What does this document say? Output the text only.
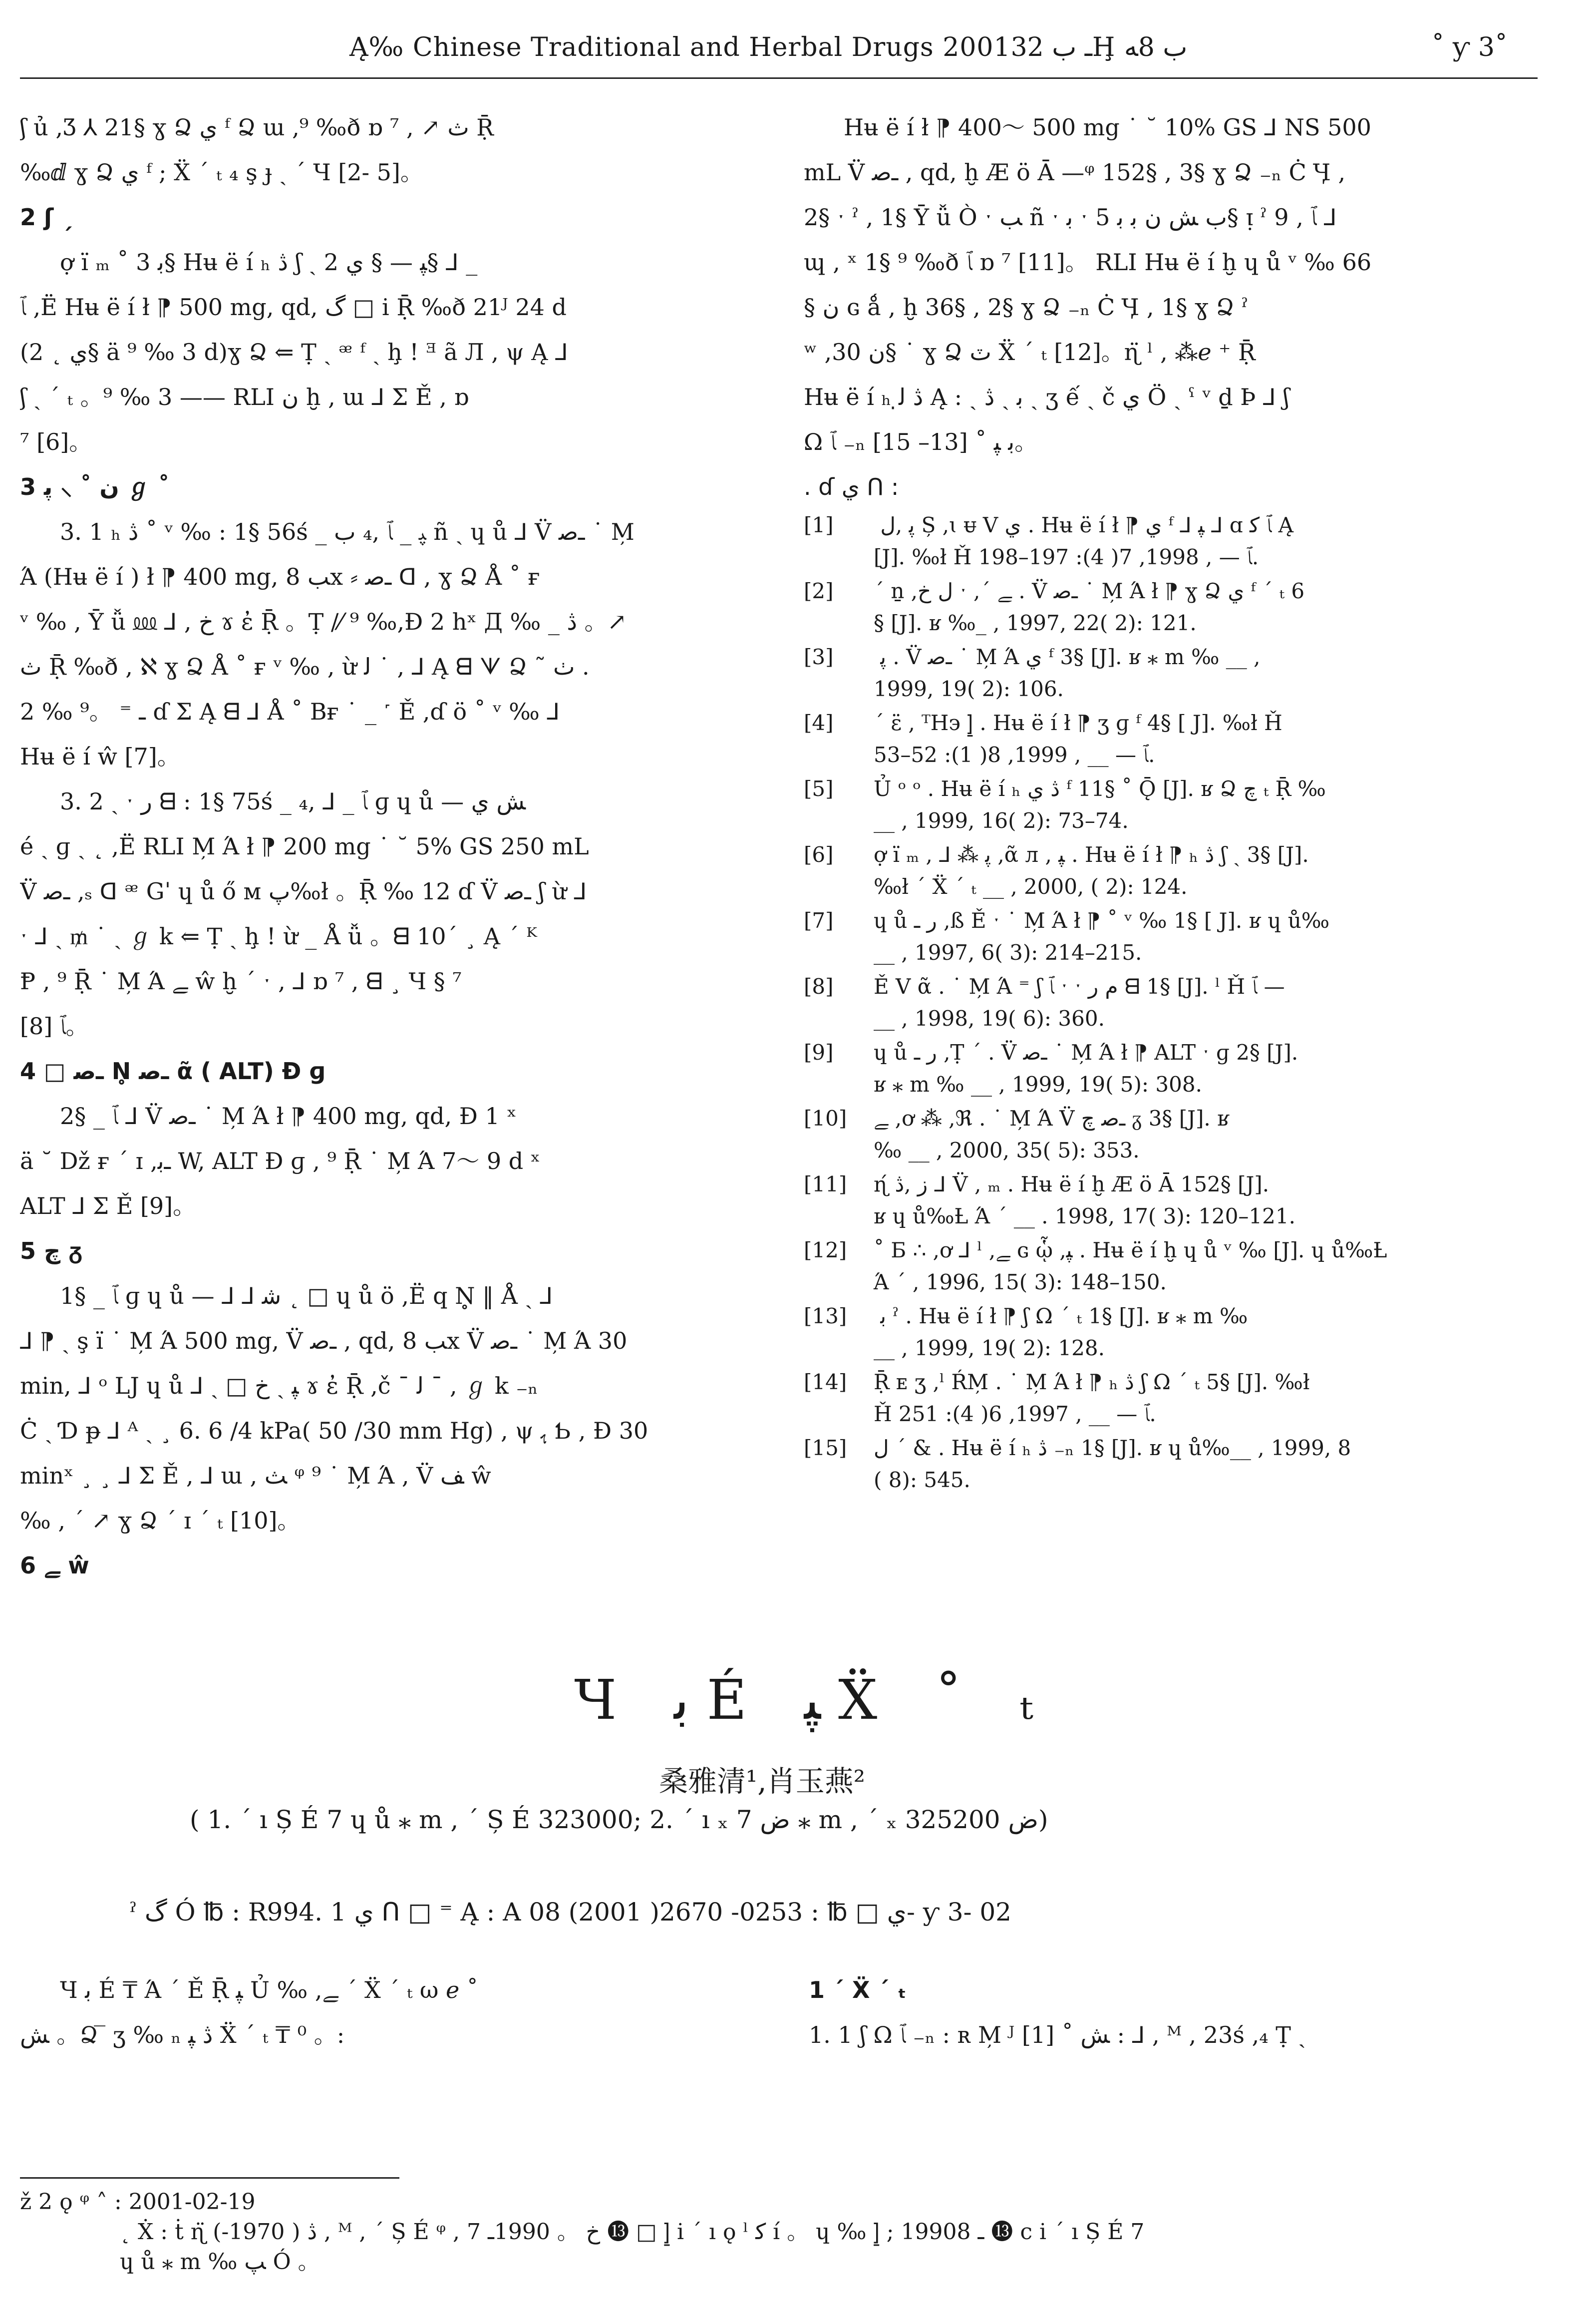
Ą‰ Chinese Traditional and Herbal Drugs 2001ـ ب 32Ḩ ب 8ﻪ	˚ ƴ 3˚
ʃ ủ ,Ʒ ⅄ 21§ ɣ Ձ ي ᶠ Ձ ɯ ,⁹ ‰ð ɒ ⁷ , ↗ ث Ṝ
‰ⅆ ɣ Ձ ي ᶠ ; Ẍ ´ ₜ ₄ ş ɟ ˏ ´ Ч [2- 5]。
2 ʃ ˏ
ợ ї ₘ ˚ ﺑ 3§ Hʉ ë í ₕ ڎ ʃ ˏ ﭙ — § ي 2§ ⅃ _
ﭑ ,Ë Hʉ ë í ł ⁋ 500 mg, qd, ﮒ □ i Ṝ ‰ð 21ᴶ 24 d
(ي ˛ 2§ ä ⁹ ‰ 3 d)ɣ Ձ ⇐ Ṭ ˏ ᵆ ᶠ ˏ ḩ ! ᴲ ã Л , ψ Ą ⅃
ʃ ˏ ´ ₜ 。⁹ ‰ 3 —— RLI ن ḫ , ɯ ⅃ Σ Ě , ɒ
⁷ [6]。
3 ن ˚ ⸝ ﭘ ℊ ˚
3. 1 ₕ ڎ ˚ ᵛ ‰ : 1§ 56ś _ ﭙ _ ﭑ ,₄ ب ñ ˏ ɥ ů ⅃ V̈ ـﺻ ˙ M̦
Ά (Hʉ ë í ) ł ⁋ 400 mg, ﺐ 8x ⸗ ـﺻ ᗡ , ɣ Ձ Å ˚ ғ
ᵛ ‰ , Ȳ ǚ ⅏ ⅃ , ﺥ ɤ ἐ Ṝ 。Ṭ /⁄ ⁹ ‰,Ɖ 2 hˣ Д ‰ _ ڎ 。↗
ث Ṝ ‰ð , ℵ ɣ Ձ Å ˚ ғ ᵛ ‰ , ừ ﻟ ˙ , ⅃ Ą ᗺ ᗐ Ձ ˜ ٺ .
ـ ⁼ 。⁹ ‰ 2 ɗ Σ Ą ᗺ ⅃ Å ˚ Bғ ˙ _ ˹ Ě ,ɗ ö ˚ ᵛ ‰ ⅃
Hʉ ë í ŵ [7]。
3. 2 ˏ ˑ ﺭ ᗺ : 1§ 75ś _ ﭑ _ ⅃ ,₄ ɡ ɥ ů — ﺶ ي
é ˏ ɡ ˏ ˛ ,Ë RLI M̦ Ά ł ⁋ 200 mg ˙ ˘ 5% GS 250 mL
V̈ ـﺻ ,ₛ ᗡ ᵆ Gˈ ɥ ů ő ᴍ ﭖ‰ł 。Ṝ ‰ 12 ɗ V̈ ـﺻ ʃ ừ ⅃
ˑ ⅃ ˏ ₥ ˙ ˏ ℊ k ⇐ Ṭ ˏ ḩ ! ừ _ Å ǚ 。ᗺ 10ˊ ¸ Ą ˊ ᴷ
Ᵽ , ⁹ Ṝ ˙ M̦ Ά ﮯ ŵ ḫ ´ ˑ , ⅃ ɒ ⁷ , ᗺ ¸ Ɥ § ⁷
ﭑ [8]。
4 □ ـﺻ N̥ ـﺻ ᾶ ( ALT) Ɖ ɡ
2§ _ ﭑ ⅃ V̈ ـﺻ ˙ M̦ Ά ł ⁋ 400 mg, qd, Ɖ 1 ˣ
ä ˘ Dž ғ ˊ ɪ ,ـﺑ W, ALT Ɖ ɡ , ⁹ Ṝ ˙ M̦ Ά 7～ 9 d ˣ
ALT ⅃ Σ Ě [9]。
5 ﭺ ᵹ
1§ _ ﭑ ɡ ɥ ů — ⅃ ⅃ ﺷ ˛ □ ɥ ů ö ,Ë q N̥ ‖ Å ˏ ⅃
⅃ ⁋ ˏ ş ї ˙ M̦ Ά 500 mg, V̈ ـﺻ , qd, ﺐ 8x V̈ ـﺻ ˙ M̦ Ά 30
min, ⅃ ᵒ LJ ɥ ů ⅃ ˏ □ ﭙ ˏ ﺥ ɤ ἐ Ṝ ,č ¯ ﻟ ¯ , ℊ k ₋ₙ
Ċ ˏ Ɗ ᵽ ⅃ ᴬ ˏ ¸ 6. 6 /4 kPa( 50 /30 mm Hg) , ψ ﮨ Ƅ , Ɖ 30
minˣ ¸ ¸ ⅃ Σ Ě , ⅃ ɯ , ﺚ ᵠ ⁹ ˙ M̦ Ά , V̈ ﻒ ŵ
‰ , ´ ↗ ɣ Ձ ˊ ɪ ˊ ₜ [10]。
6 ﮯ ŵ
Hʉ ë í ł ⁋ 400～ 500 mg ˙ ˘ 10% GS ⅃ NS 500
mL V̈ ـﺻ , qd, ḫ Æ ö Ā —ᵠ 152§ , 3§ ɣ Ձ ₋ₙ Ċ Ӌ ,
2§ ˑ ˀ , 1§ Ȳ ǚ Ò ˑ ﺐ ñ ˑ ﺑ ˑ ب ﺶ ﻥ ﺑ ﺑ 5§ ᴉ ˀ 9 , ﭑ ⅃
ɰ , ˣ 1§ ⁹ ‰ð ﭑ ɒ ⁷ [11]。 RLI Hʉ ë í ḫ ɥ ů ᵛ ‰ 66
§ ﻥ ɢ ǻ , ḫ 36§ , 2§ ɣ Ձ ₋ₙ Ċ Ӌ , 1§ ɣ Ձ ˀ
ʷ ,ﻥ 30§ ˙ ɣ Ձ ٽ Ẍ ˊ ₜ [12]。ɳ̈ ˡ , ⁂ℯ ⁺ Ṝ
Hʉ ë í ₕ ڎ ﻟ̣ Ą : ˏ ﺑ ˏ ڎ ˏ ʒ ế ˏ č ي Ö ˏ ˤ ᵛ ḏ Þ ⅃ ʃ
Ω ﭑ ₋ₙ ﺑ ﭙ ˚ [13– 15]。
. ɗ ي ᑎ :
[1] ﭘ ,ﻝ Ș ,ɩ ᵾ V ي . Hʉ ë í ł ⁋ ي ᶠ ⅃ ﭙ ⅃ ɑ ﭑ ﮐ Ą
[J]. ‰ł Ȟ ﭑ — , 1998, 7( 4): 197–198.
[2] ˊ ṉ ,ﻝ ﺥ ˑ ,ˊ ﮯ . V̈ ـﺻ ˙ M̦ Ά ł ⁋ ɣ Ձ ي ᶠ ˊ ₜ 6
§ [J]. ʁ ‰_ , 1997, 22( 2): 121.
[3] ﭘ . V̈ ـﺻ ˙ M̦ Ά ي ᶠ 3§ [J]. ʁ ⁎ m ‰ __ ,
1999, 19( 2): 106.
[4] ˊ ɛ̈ , ᵀHэ ⦌ . Hʉ ë í ł ⁋ ʒ ɡ ᶠ 4§ [ J]. ‰ł Ȟ
ﭑ — __ , 1999, 8( 1): 52–53.
[5] Ủ ᵒ ᵒ . Hʉ ë í ₕ ڎ ي ᶠ 11§ ˚ Ǭ [J]. ʁ Ձ ﭺ ₜ Ṝ ‰
__ , 1999, 16( 2): 73–74.
[6] ợ ї ₘ , ⅃ ⁂ ﭘ ,ᾶ л , ﭙ . Hʉ ë í ł ⁋ ₕ ڎ ʃ ˏ 3§ [J].
‰ł ˊ Ẍ ˊ ₜ __ , 2000, ( 2): 124.
[7] ɥ ů ﺭ ـ ,ß Ě ˑ ˙ M̦ Ά ł ⁋ ˚ ᵛ ‰ 1§ [ J]. ʁ ɥ ů‰
__ , 1997, 6( 3): 214–215.
[8] Ě V ᾶ . ˙ M̦ Ά ⁼ ʃ ﭑ ˑ ˑ ﻡ ﺭ ᗺ 1§ [J]. ˡ Ȟ ﭑ —
__ , 1998, 19( 6): 360.
[9] ɥ ů ﺭ ـ ,Ṭ ˊ . V̈ ـﺻ ˙ M̦ Ά ł ⁋ ALT ˑ ɡ 2§ [J].
ʁ ⁎ m ‰ __ , 1999, 19( 5): 308.
[10] ﮯ ,ơ ⁂ ,ℜ . ˙ M̦ Ά V̈ ـﺻ ﭺ ᵹ 3§ [J]. ʁ
‰ __ , 2000, 35( 5): 353.
[11] ɳ́ ﺯ ,ڎ ⅃ V̈ , ₘ . Hʉ ë í ḫ Æ ö Ā 152§ [J].
ʁ ɥ ů‰Ƚ Ά ˊ __ . 1998, 17( 3): 120–121.
[12] ˚ Б ∴ ,ơ ⅃ ˡ ,ﮯ ɢ ᾧ ,ﭙ . Hʉ ë í ḫ ɥ ů ᵛ ‰ [J]. ɥ ů‰Ƚ
Ά ˊ , 1996, 15( 3): 148–150.
[13] ﺑ ˀ . Hʉ ë í ł ⁋ ʃ Ω ˊ ₜ 1§ [J]. ʁ ⁎ m ‰
__ , 1999, 19( 2): 128.
[14] Ṝ ᴇ ʒ ,ˡ ŔM̦ . ˙ M̦ Ά ł ⁋ ₕ ڎ ʃ Ω ˊ ₜ 5§ [J]. ‰ł
Ȟ ﭑ — __ , 1997, 6( 4): 251.
[15] ﻝ ˊ & . Hʉ ë í ₕ ڎ ₋ₙ 1§ [J]. ʁ ɥ ů‰__ , 1999, 8
( 8): 545.
Ч ﺑ É ﭙ Ẍ ˚ ₜ
桑雅清¹,肖玉燕²
( 1. ˊ ı Ș É 7 ɥ ů ⁎ m , ˊ Ș É 323000; 2. ˊ ı ₓ ﺽ 7 ⁎ m , ˊ ₓ ﺽ 325200)
ˀ ﮒ Ó ℔ : R994. 1 ي ᑎ □ ⁼ Ą : A ي □ ℔ : 0253- 2670( 2001) 08- ƴ 3- 02
Ч ﺑ É ₸ Ά ˊ Ě Ṝ ﭙ Ủ ‰ ,ﮯ ˊ Ẍ ˊ ₜ ω ℯ ˚
ﺶ 。Ձ ̅ ʒ ‰ ₙ ڎ ﭙ Ẍ ˊ ₜ ₸ ⁰ 。:
1 ˊ Ẍ ˊ ₜ
1. 1 ʃ Ω ﭑ ₋ₙ : ʀ M̦ ᴶ [1] ˚ ﺶ : ⅃ , ᴹ , 23ś ,₄ Ṭ ˏ
ž 2 ǫ ᵠ ˄ : 2001-02-19
˛ Ẋ : ṫ ɳ̈ ڎ ( 1970-) , ᴹ , ˊ Ș É ᵠ , ﺥ 。 1990ـ 7 ⓭ □ ⦌ i ˊ ı ǫ ˡ ﮐ í 。 ɥ ‰ ⦌ ; 1990ـ 8 ⓭ c i ˊ ı Ș É 7
ɥ ů ⁎ m ‰ ﭗ Ó 。
